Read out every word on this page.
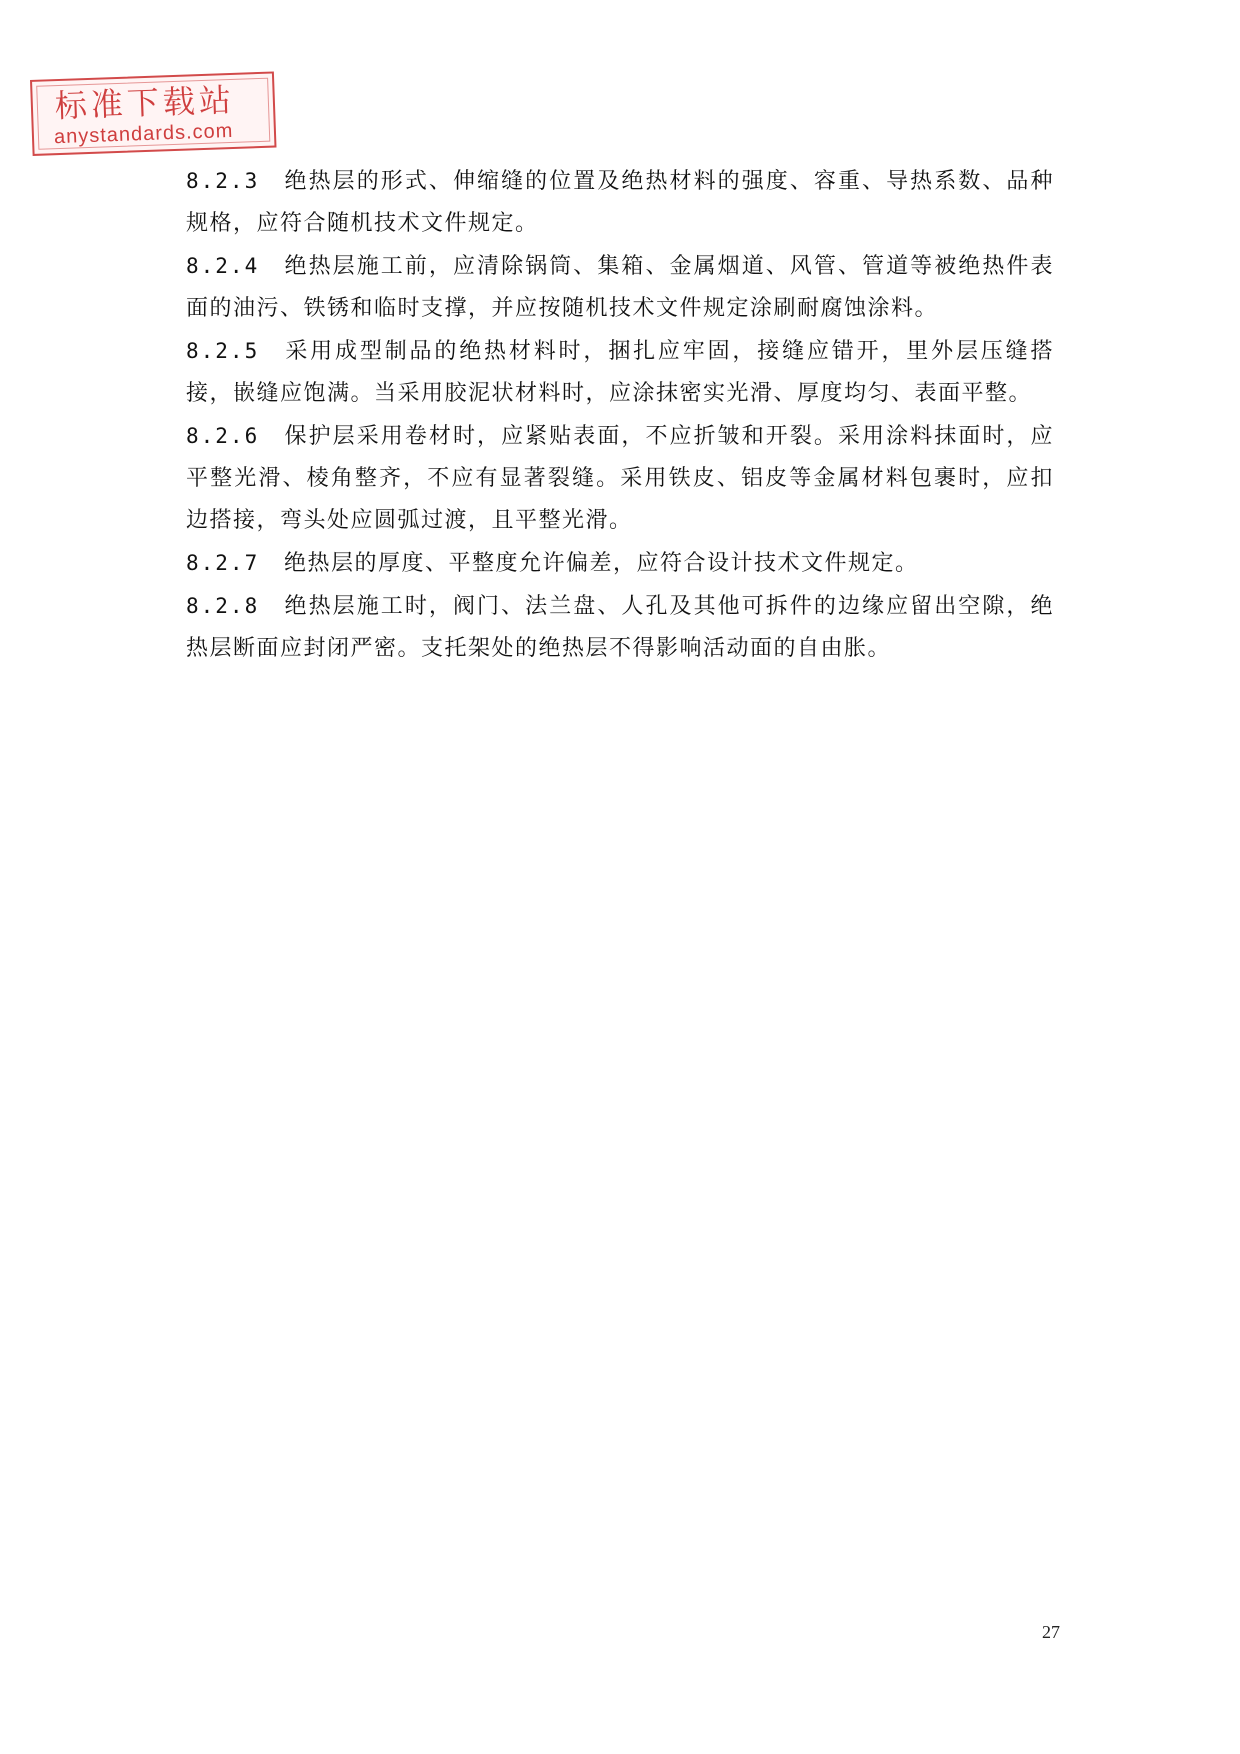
标准下载站
anystandards.com

8.2.3 绝热层的形式、伸缩缝的位置及绝热材料的强度、容重、导热系数、品种规格，应符合随机技术文件规定。

8.2.4 绝热层施工前，应清除锅筒、集箱、金属烟道、风管、管道等被绝热件表面的油污、铁锈和临时支撑，并应按随机技术文件规定涂刷耐腐蚀涂料。

8.2.5 采用成型制品的绝热材料时，捆扎应牢固，接缝应错开，里外层压缝搭接，嵌缝应饱满。当采用胶泥状材料时，应涂抹密实光滑、厚度均匀、表面平整。

8.2.6 保护层采用卷材时，应紧贴表面，不应折皱和开裂。采用涂料抹面时，应平整光滑、棱角整齐，不应有显著裂缝。采用铁皮、铝皮等金属材料包裹时，应扣边搭接，弯头处应圆弧过渡，且平整光滑。

8.2.7 绝热层的厚度、平整度允许偏差，应符合设计技术文件规定。

8.2.8 绝热层施工时，阀门、法兰盘、人孔及其他可拆件的边缘应留出空隙，绝热层断面应封闭严密。支托架处的绝热层不得影响活动面的自由胀。

27
